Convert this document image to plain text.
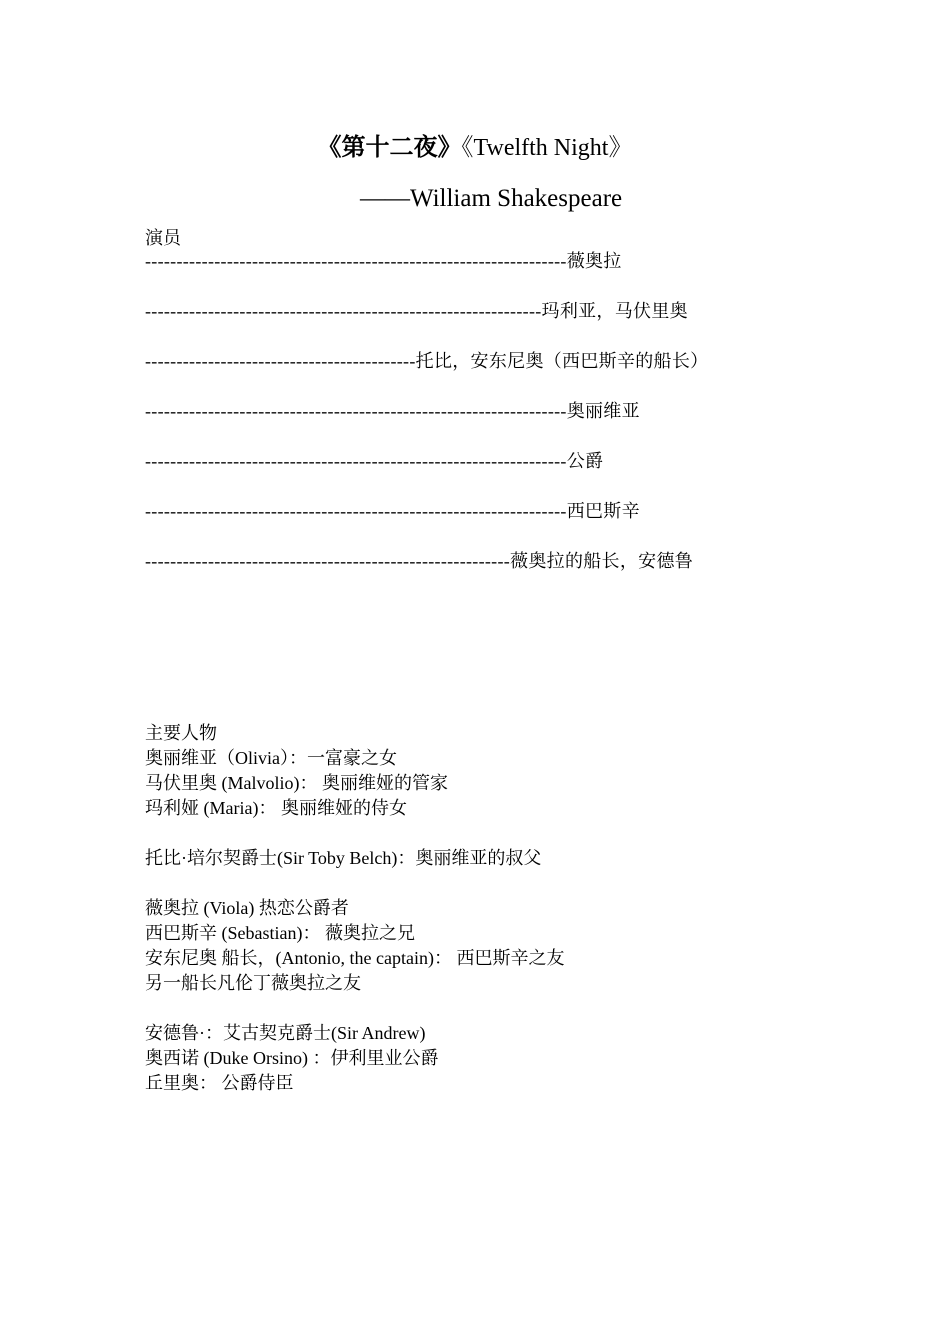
《第十二夜》《Twelfth Night》
——William Shakespeare
演员
-------------------------------------------------------------------薇奥拉
---------------------------------------------------------------玛利亚，马伏里奥
-------------------------------------------托比，安东尼奥（西巴斯辛的船长）
-------------------------------------------------------------------奥丽维亚
-------------------------------------------------------------------公爵
-------------------------------------------------------------------西巴斯辛
----------------------------------------------------------薇奥拉的船长，安德鲁
主要人物
奥丽维亚（Olivia）：一富豪之女
马伏里奥 (Malvolio)： 奥丽维娅的管家
玛利娅 (Maria)： 奥丽维娅的侍女
托比·培尔契爵士(Sir Toby Belch)：奥丽维亚的叔父
薇奥拉 (Viola) 热恋公爵者
西巴斯辛 (Sebastian)： 薇奥拉之兄
安东尼奥 船长，(Antonio, the captain)： 西巴斯辛之友
另一船长凡伦丁薇奥拉之友
安德鲁·：艾古契克爵士(Sir Andrew)
奥西诺 (Duke Orsino) ：伊利里业公爵
丘里奥： 公爵侍臣
